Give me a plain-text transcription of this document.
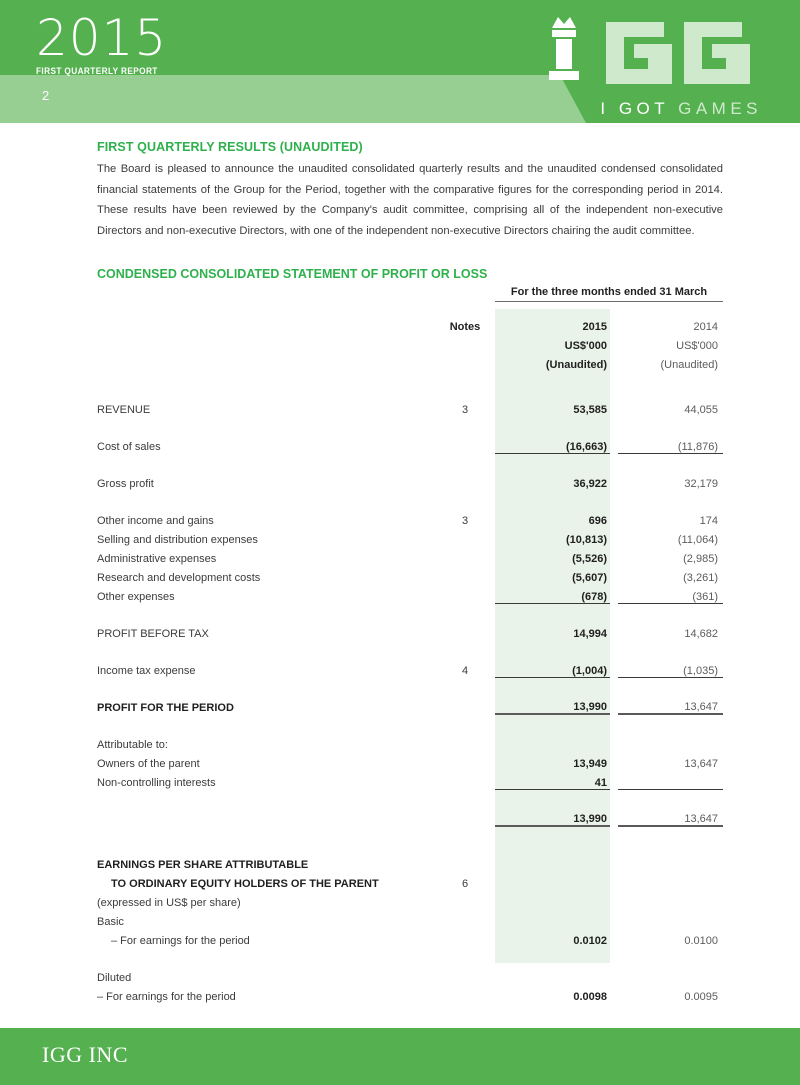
2015
FIRST QUARTERLY REPORT
2
I GOT GAMES
FIRST QUARTERLY RESULTS (UNAUDITED)
The Board is pleased to announce the unaudited consolidated quarterly results and the unaudited condensed consolidated financial statements of the Group for the Period, together with the comparative figures for the corresponding period in 2014. These results have been reviewed by the Company's audit committee, comprising all of the independent non-executive Directors and non-executive Directors, with one of the independent non-executive Directors chairing the audit committee.
CONDENSED CONSOLIDATED STATEMENT OF PROFIT OR LOSS
		For the three months ended 31 March		

	Notes	2015		2014
		US$'000		US$'000
		(Unaudited)		(Unaudited)

REVENUE	3	53,585		44,055

Cost of sales		(16,663)		(11,876)

Gross profit		36,922		32,179

Other income and gains	3	696		174
Selling and distribution expenses		(10,813)		(11,064)
Administrative expenses		(5,526)		(2,985)
Research and development costs		(5,607)		(3,261)
Other expenses		(678)		(361)

PROFIT BEFORE TAX		14,994		14,682

Income tax expense	4	(1,004)		(1,035)

PROFIT FOR THE PERIOD		13,990		13,647

Attributable to:				
Owners of the parent		13,949		13,647
Non-controlling interests		41		

		13,990		13,647

EARNINGS PER SHARE ATTRIBUTABLE				
TO ORDINARY EQUITY HOLDERS OF THE PARENT	6			
(expressed in US$ per share)				
Basic				
– For earnings for the period		0.0102		0.0100

Diluted				
– For earnings for the period		0.0098		0.0095
IGG INC
